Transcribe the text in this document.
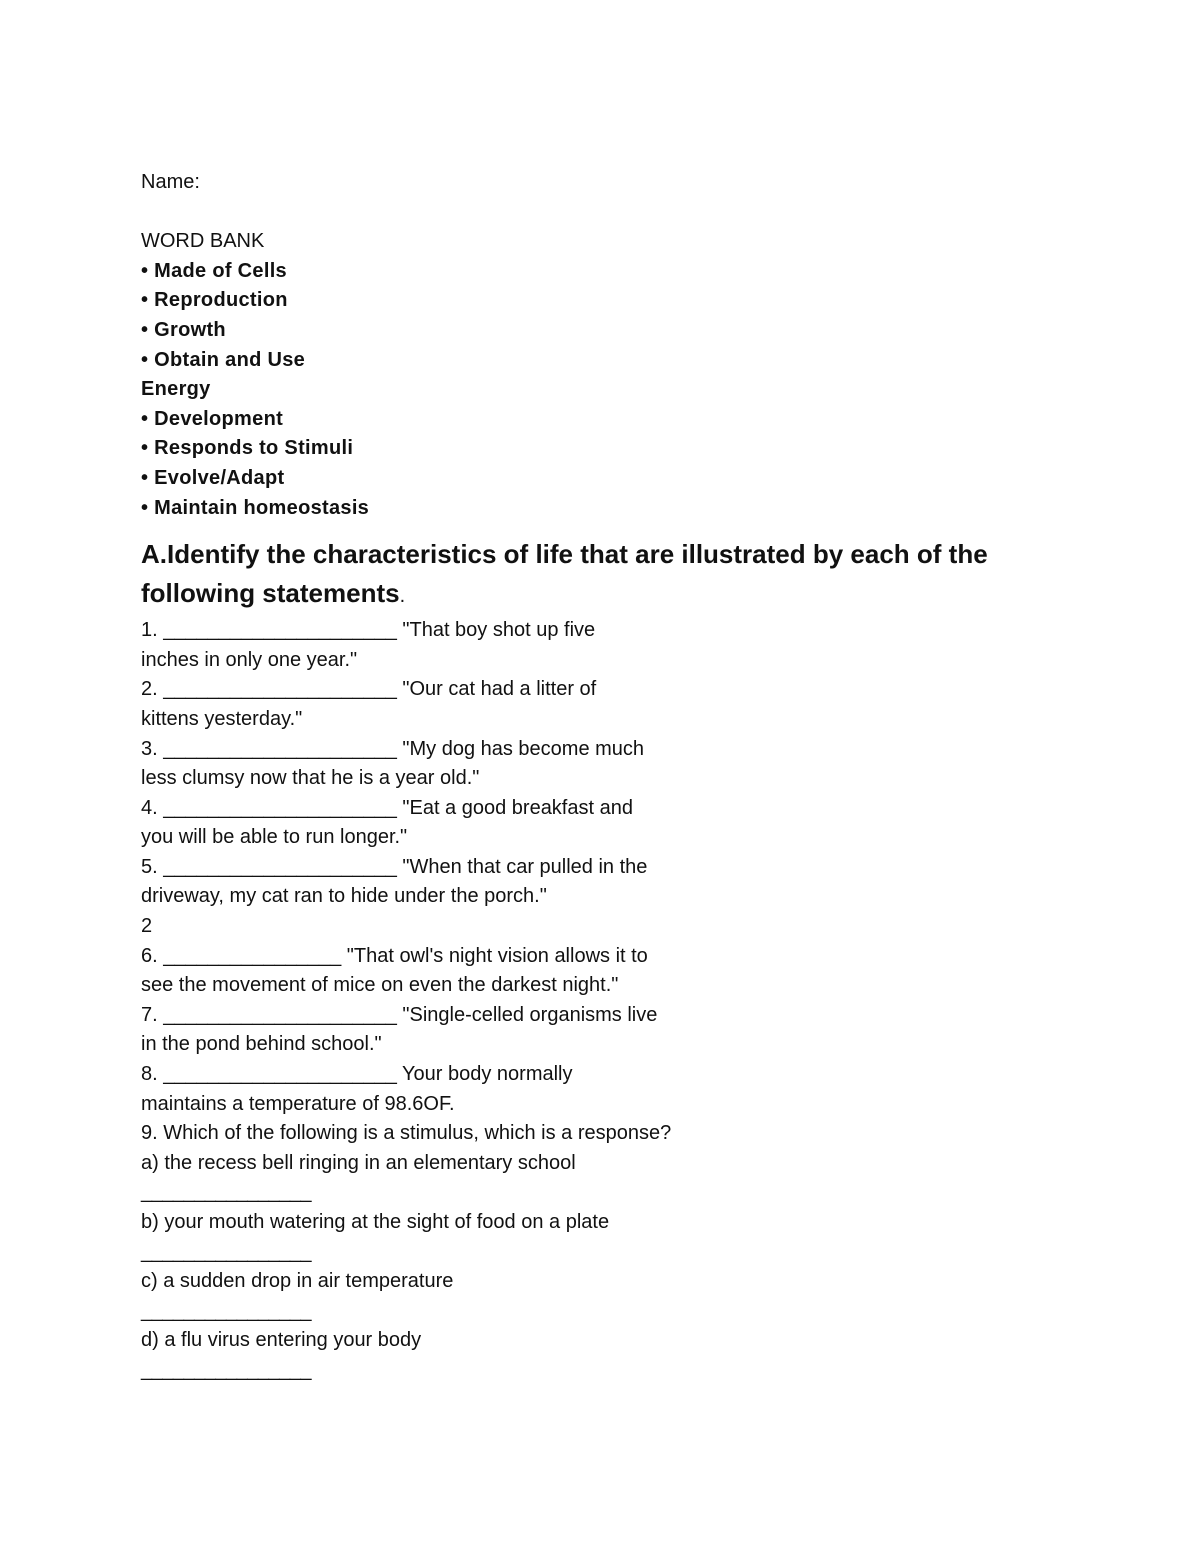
Name:
WORD BANK
• Made of Cells
• Reproduction
• Growth
• Obtain and Use
Energy
• Development
• Responds to Stimuli
• Evolve/Adapt
• Maintain homeostasis
A.Identify the characteristics of life that are illustrated by each of the
following statements.
1. _____________________ "That boy shot up five
inches in only one year."
2. _____________________ "Our cat had a litter of
kittens yesterday."
3. _____________________ "My dog has become much
less clumsy now that he is a year old."
4. _____________________ "Eat a good breakfast and
you will be able to run longer."
5. _____________________ "When that car pulled in the
driveway, my cat ran to hide under the porch."
2
6. ________________ "That owl's night vision allows it to
see the movement of mice on even the darkest night."
7. _____________________ "Single-celled organisms live
in the pond behind school."
8. _____________________ Your body normally
maintains a temperature of 98.6OF.
9. Which of the following is a stimulus, which is a response?
a) the recess bell ringing in an elementary school
________________
b) your mouth watering at the sight of food on a plate
________________
c) a sudden drop in air temperature
________________
d) a flu virus entering your body
________________
